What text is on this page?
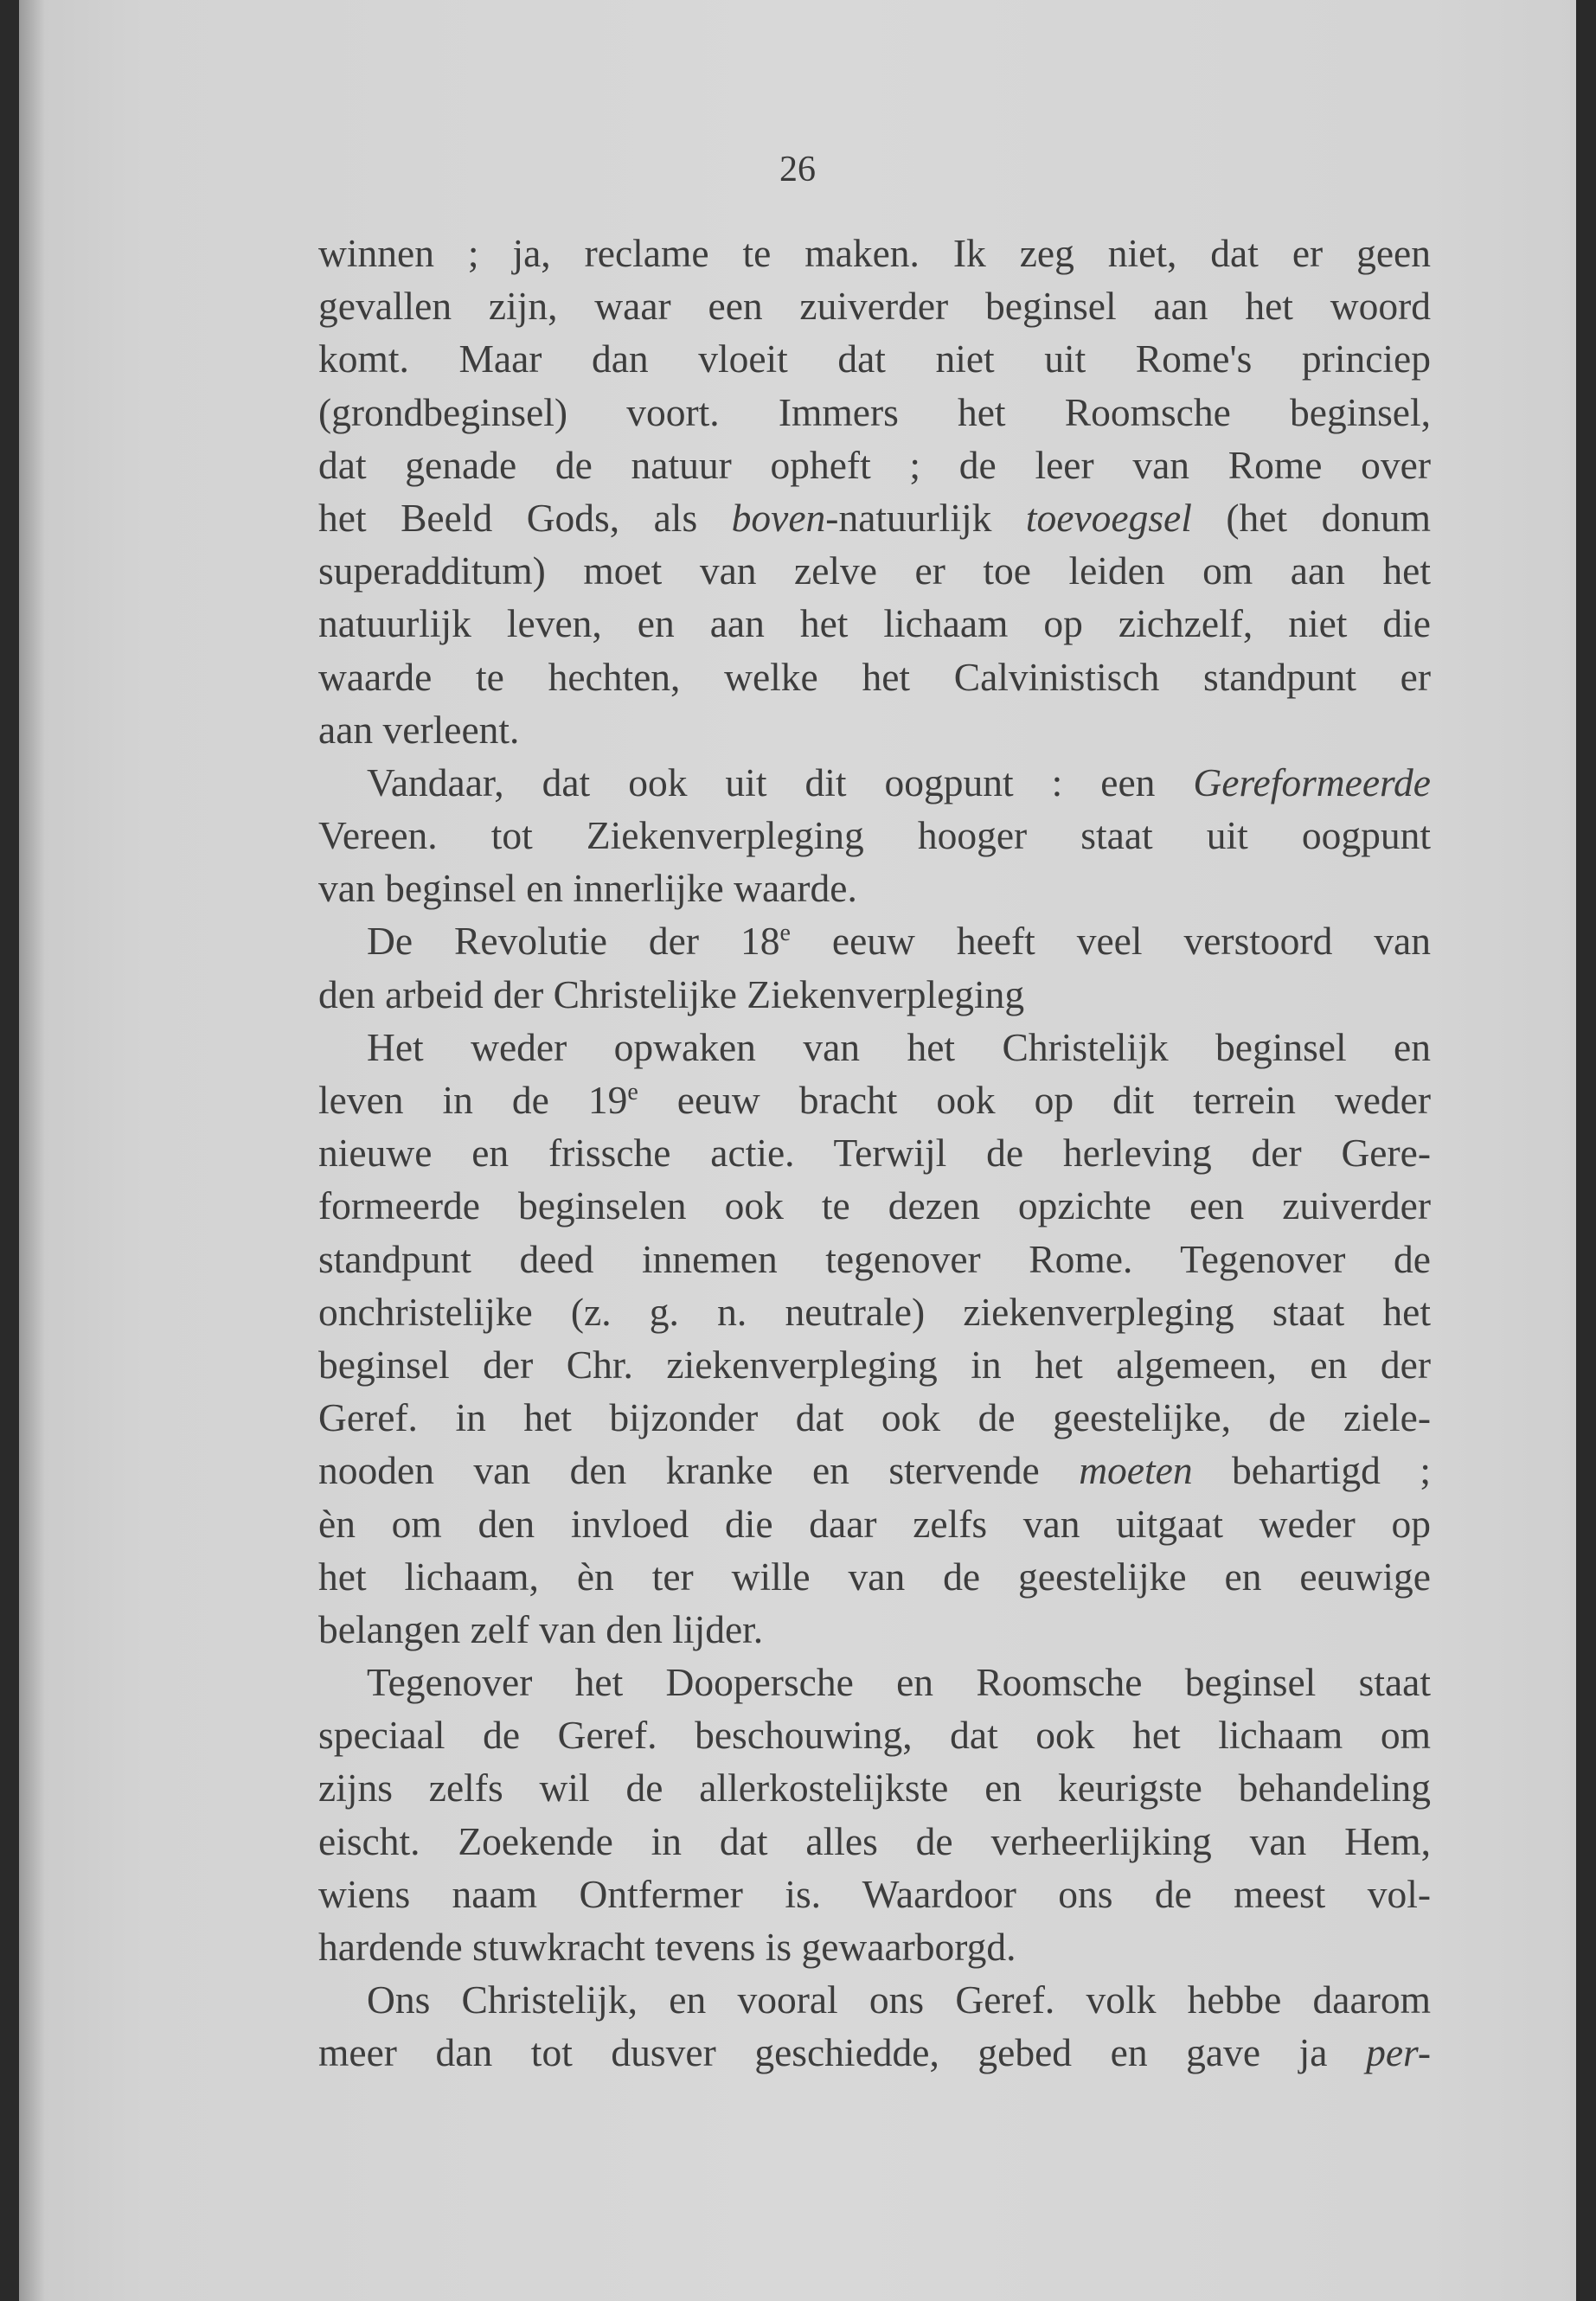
26
winnen ; ja, reclame te maken. Ik zeg niet, dat er geen
gevallen zijn, waar een zuiverder beginsel aan het woord
komt. Maar dan vloeit dat niet uit Rome's princiep
(grondbeginsel) voort. Immers het Roomsche beginsel,
dat genade de natuur opheft ; de leer van Rome over
het Beeld Gods, als boven-natuurlijk toevoegsel (het donum
superadditum) moet van zelve er toe leiden om aan het
natuurlijk leven, en aan het lichaam op zichzelf, niet die
waarde te hechten, welke het Calvinistisch standpunt er
aan verleent.
Vandaar, dat ook uit dit oogpunt : een Gereformeerde
Vereen. tot Ziekenverpleging hooger staat uit oogpunt
van beginsel en innerlijke waarde.
De Revolutie der 18e eeuw heeft veel verstoord van
den arbeid der Christelijke Ziekenverpleging
Het weder opwaken van het Christelijk beginsel en
leven in de 19e eeuw bracht ook op dit terrein weder
nieuwe en frissche actie. Terwijl de herleving der Gere-
formeerde beginselen ook te dezen opzichte een zuiverder
standpunt deed innemen tegenover Rome. Tegenover de
onchristelijke (z. g. n. neutrale) ziekenverpleging staat het
beginsel der Chr. ziekenverpleging in het algemeen, en der
Geref. in het bijzonder dat ook de geestelijke, de ziele-
nooden van den kranke en stervende moeten behartigd ;
èn om den invloed die daar zelfs van uitgaat weder op
het lichaam, èn ter wille van de geestelijke en eeuwige
belangen zelf van den lijder.
Tegenover het Doopersche en Roomsche beginsel staat
speciaal de Geref. beschouwing, dat ook het lichaam om
zijns zelfs wil de allerkostelijkste en keurigste behandeling
eischt. Zoekende in dat alles de verheerlijking van Hem,
wiens naam Ontfermer is. Waardoor ons de meest vol-
hardende stuwkracht tevens is gewaarborgd.
Ons Christelijk, en vooral ons Geref. volk hebbe daarom
meer dan tot dusver geschiedde, gebed en gave ja per-
